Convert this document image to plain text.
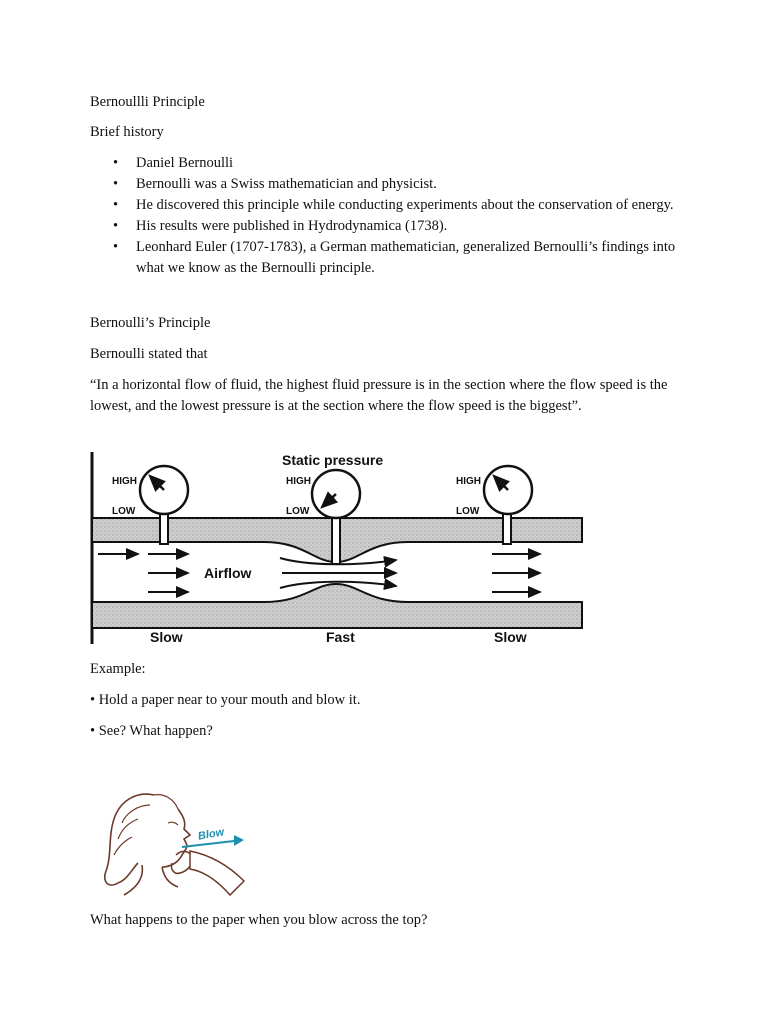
Bernoullli Principle
Brief history
• Daniel Bernoulli
• Bernoulli was a Swiss mathematician and physicist.
• He discovered this principle while conducting experiments about the conservation of energy.
• His results were published in Hydrodynamica (1738).
• Leonhard Euler (1707-1783), a German mathematician, generalized Bernoulli’s findings into what we know as the Bernoulli principle.
Bernoulli’s Principle
Bernoulli stated that
“In a horizontal flow of fluid, the highest fluid pressure is in the section where the flow speed is the lowest, and the lowest pressure is at the section where the flow speed is the biggest”.
Static pressure
HIGH
LOW
HIGH
LOW
HIGH
LOW
Airflow
Slow	Fast	Slow
Example:
• Hold a paper near to your mouth and blow it.
• See? What happen?
Blow
What happens to the paper when you blow across the top?
